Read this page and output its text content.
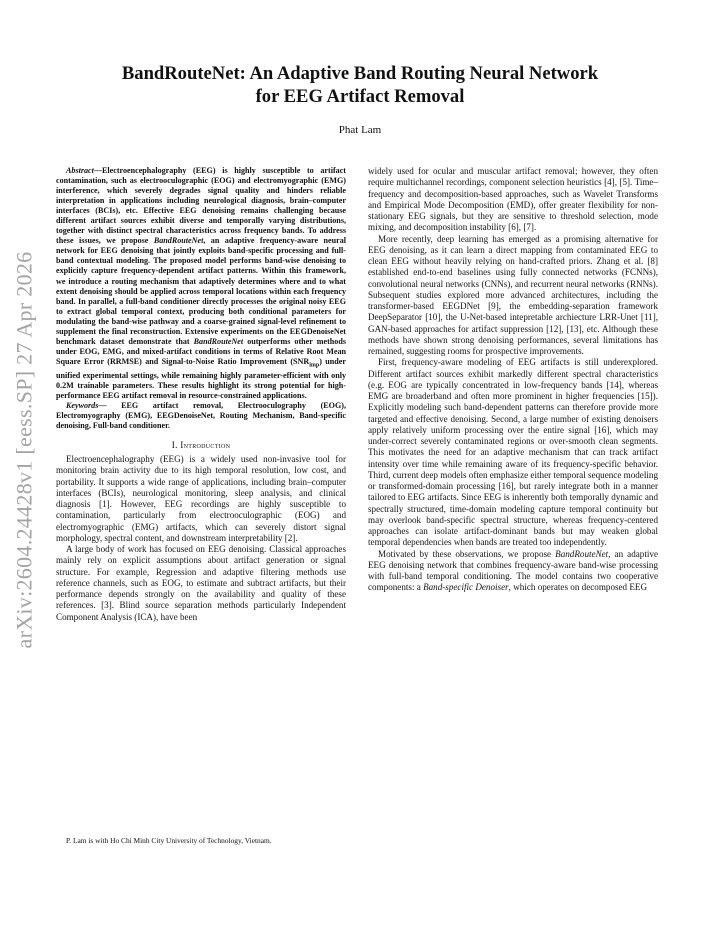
arXiv:2604.24428v1 [eess.SP] 27 Apr 2026
BandRouteNet: An Adaptive Band Routing Neural Network
for EEG Artifact Removal
Phat Lam

Abstract—Electroencephalography (EEG) is highly susceptible to artifact contamination, such as electrooculographic (EOG) and electromyographic (EMG) interference, which severely degrades signal quality and hinders reliable interpretation in applications including neurological diagnosis, brain–computer interfaces (BCIs), etc. Effective EEG denoising remains challenging because different artifact sources exhibit diverse and temporally varying distributions, together with distinct spectral characteristics across frequency bands. To address these issues, we propose BandRouteNet, an adaptive frequency-aware neural network for EEG denoising that jointly exploits band-specific processing and full-band contextual modeling. The proposed model performs band-wise denoising to explicitly capture frequency-dependent artifact patterns. Within this framework, we introduce a routing mechanism that adaptively determines where and to what extent denoising should be applied across temporal locations within each frequency band. In parallel, a full-band conditioner directly processes the original noisy EEG to extract global temporal context, producing both conditional parameters for modulating the band-wise pathway and a coarse-grained signal-level refinement to supplement the final reconstruction. Extensive experiments on the EEGDenoiseNet benchmark dataset demonstrate that BandRouteNet outperforms other methods under EOG, EMG, and mixed-artifact conditions in terms of Relative Root Mean Square Error (RRMSE) and Signal-to-Noise Ratio Improvement $(SNR_{imp})$ under unified experimental settings, while remaining highly parameter-efficient with only 0.2M trainable parameters. These results highlight its strong potential for high-performance EEG artifact removal in resource-constrained applications.

Keywords— EEG artifact removal, Electrooculography (EOG), Electromyography (EMG), EEGDenoiseNet, Routing Mechanism, Band-specific denoising, Full-band conditioner.

I. Introduction

Electroencephalography (EEG) is a widely used non-invasive tool for monitoring brain activity due to its high temporal resolution, low cost, and portability. It supports a wide range of applications, including brain–computer interfaces (BCIs), neurological monitoring, sleep analysis, and clinical diagnosis [1]. However, EEG recordings are highly susceptible to contamination, particularly from electrooculographic (EOG) and electromyographic (EMG) artifacts, which can severely distort signal morphology, spectral content, and downstream interpretability [2].

A large body of work has focused on EEG denoising. Classical approaches mainly rely on explicit assumptions about artifact generation or signal structure. For example, Regression and adaptive filtering methods use reference channels, such as EOG, to estimate and subtract artifacts, but their performance depends strongly on the availability and quality of these references. [3]. Blind source separation methods particularly Independent Component Analysis (ICA), have been

P. Lam is with Ho Chi Minh City University of Technology, Vietnam.

widely used for ocular and muscular artifact removal; however, they often require multichannel recordings, component selection heuristics [4], [5]. Time–frequency and decomposition-based approaches, such as Wavelet Transforms and Empirical Mode Decomposition (EMD), offer greater flexibility for non-stationary EEG signals, but they are sensitive to threshold selection, mode mixing, and decomposition instability [6], [7].

More recently, deep learning has emerged as a promising alternative for EEG denoising, as it can learn a direct mapping from contaminated EEG to clean EEG without heavily relying on hand-crafted priors. Zhang et al. [8] established end-to-end baselines using fully connected networks (FCNNs), convolutional neural networks (CNNs), and recurrent neural networks (RNNs). Subsequent studies explored more advanced architectures, including the transformer-based EEGDNet [9], the embedding-separation framework DeepSeparator [10], the U-Net-based intepretable archiecture LRR-Unet [11], GAN-based approaches for artifact suppression [12], [13], etc. Although these methods have shown strong denoising performances, several limitations has remained, suggesting rooms for prospective improvements.

First, frequency-aware modeling of EEG artifacts is still underexplored. Different artifact sources exhibit markedly different spectral characteristics (e.g. EOG are typically concentrated in low-frequency bands [14], whereas EMG are broaderband and often more prominent in higher frequencies [15]). Explicitly modeling such band-dependent patterns can therefore provide more targeted and effective denoising. Second, a large number of existing denoisers apply relatively uniform processing over the entire signal [16], which may under-correct severely contaminated regions or over-smooth clean segments. This motivates the need for an adaptive mechanism that can track artifact intensity over time while remaining aware of its frequency-specific behavior. Third, current deep models often emphasize either temporal sequence modeling or transformed-domain processing [16], but rarely integrate both in a manner tailored to EEG artifacts. Since EEG is inherently both temporally dynamic and spectrally structured, time-domain modeling capture temporal continuity but may overlook band-specific spectral structure, whereas frequency-centered approaches can isolate artifact-dominant bands but may weaken global temporal dependencies when bands are treated too independently.

Motivated by these observations, we propose BandRouteNet, an adaptive EEG denoising network that combines frequency-aware band-wise processing with full-band temporal conditioning. The model contains two cooperative components: a Band-specific Denoiser, which operates on decomposed EEG
